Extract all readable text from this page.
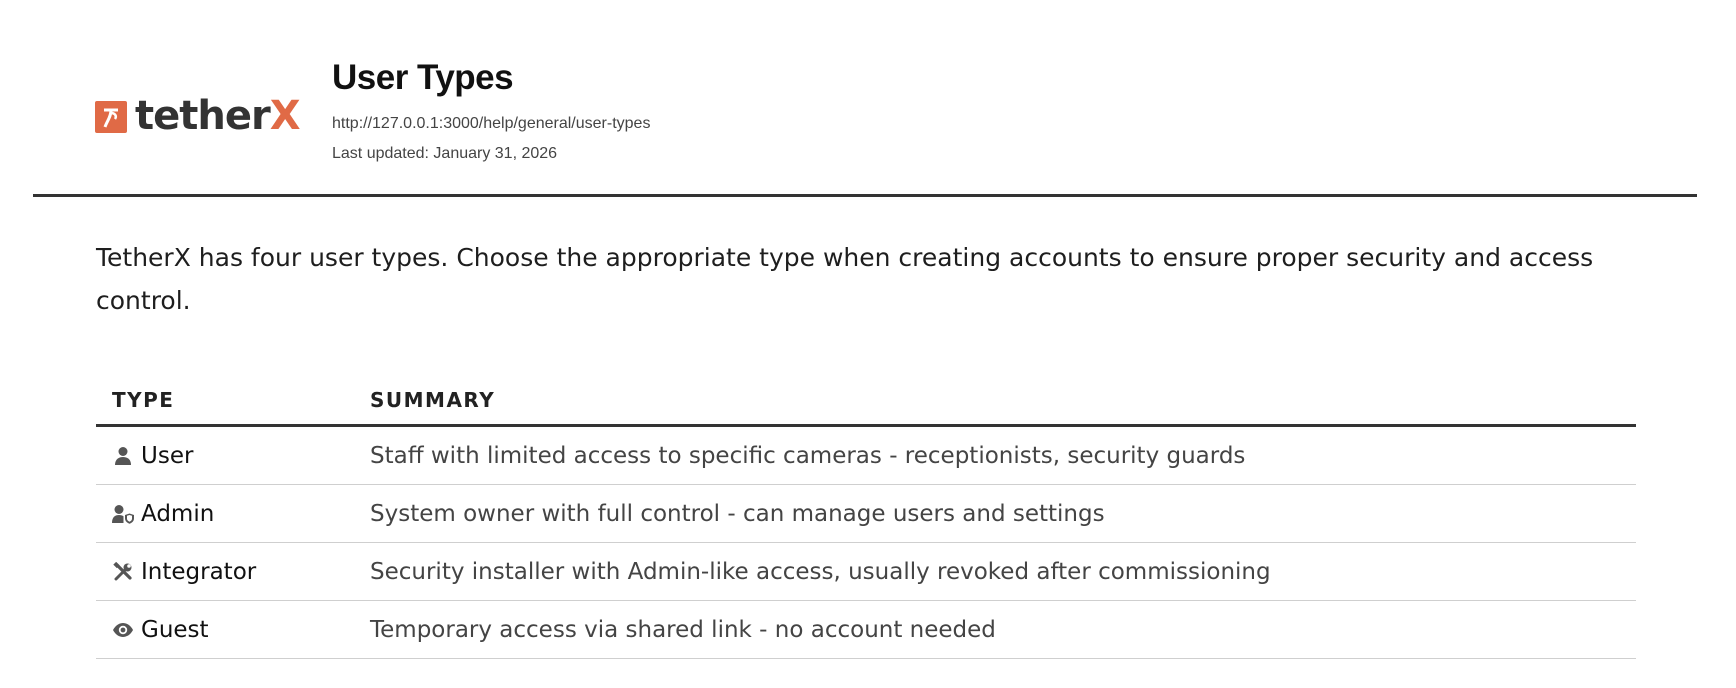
tetherX
User Types
http://127.0.0.1:3000/help/general/user-types
Last updated: January 31, 2026

TetherX has four user types. Choose the appropriate type when creating accounts to ensure proper security and access control.

TYPE	SUMMARY

User	Staff with limited access to specific cameras - receptionists, security guards

Admin	System owner with full control - can manage users and settings

Integrator	Security installer with Admin-like access, usually revoked after commissioning

Guest	Temporary access via shared link - no account needed
